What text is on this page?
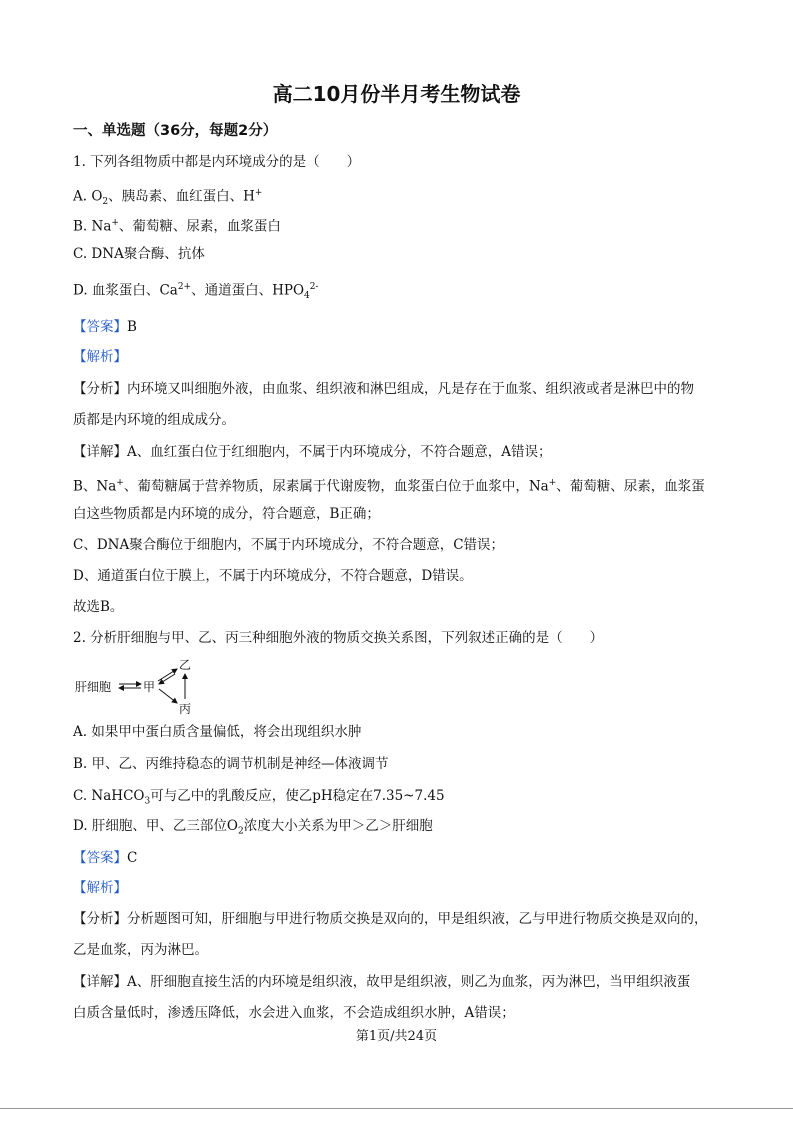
高二10月份半月考生物试卷
一、单选题（36分，每题2分）
1. 下列各组物质中都是内环境成分的是（　　）
A. $O_2$、胰岛素、血红蛋白、H+
B. Na+、葡萄糖、尿素，血浆蛋白
C. DNA聚合酶、抗体
D. 血浆蛋白、$Ca^{2+}$、通道蛋白、$HPO_4^{2-}$
【答案】B
【解析】
【分析】内环境又叫细胞外液，由血浆、组织液和淋巴组成，凡是存在于血浆、组织液或者是淋巴中的物
质都是内环境的组成成分。
【详解】A、血红蛋白位于红细胞内，不属于内环境成分，不符合题意，A错误；
B、Na+、葡萄糖属于营养物质，尿素属于代谢废物，血浆蛋白位于血浆中，Na+、葡萄糖、尿素，血浆蛋
白这些物质都是内环境的成分，符合题意，B正确；
C、DNA聚合酶位于细胞内，不属于内环境成分，不符合题意，C错误；
D、通道蛋白位于膜上，不属于内环境成分，不符合题意，D错误。
故选B。
2. 分析肝细胞与甲、乙、丙三种细胞外液的物质交换关系图，下列叙述正确的是（　　）
肝细胞	甲
乙
丙
A. 如果甲中蛋白质含量偏低，将会出现组织水肿
B. 甲、乙、丙维持稳态的调节机制是神经—体液调节
C. NaHCO$_3$可与乙中的乳酸反应，使乙pH稳定在7.35~7.45
D. 肝细胞、甲、乙三部位$O_2$浓度大小关系为甲＞乙＞肝细胞
【答案】C
【解析】
【分析】分析题图可知，肝细胞与甲进行物质交换是双向的，甲是组织液，乙与甲进行物质交换是双向的，
乙是血浆，丙为淋巴。
【详解】A、肝细胞直接生活的内环境是组织液，故甲是组织液，则乙为血浆，丙为淋巴，当甲组织液蛋
白质含量低时，渗透压降低，水会进入血浆，不会造成组织水肿，A错误；
第1页/共24页
